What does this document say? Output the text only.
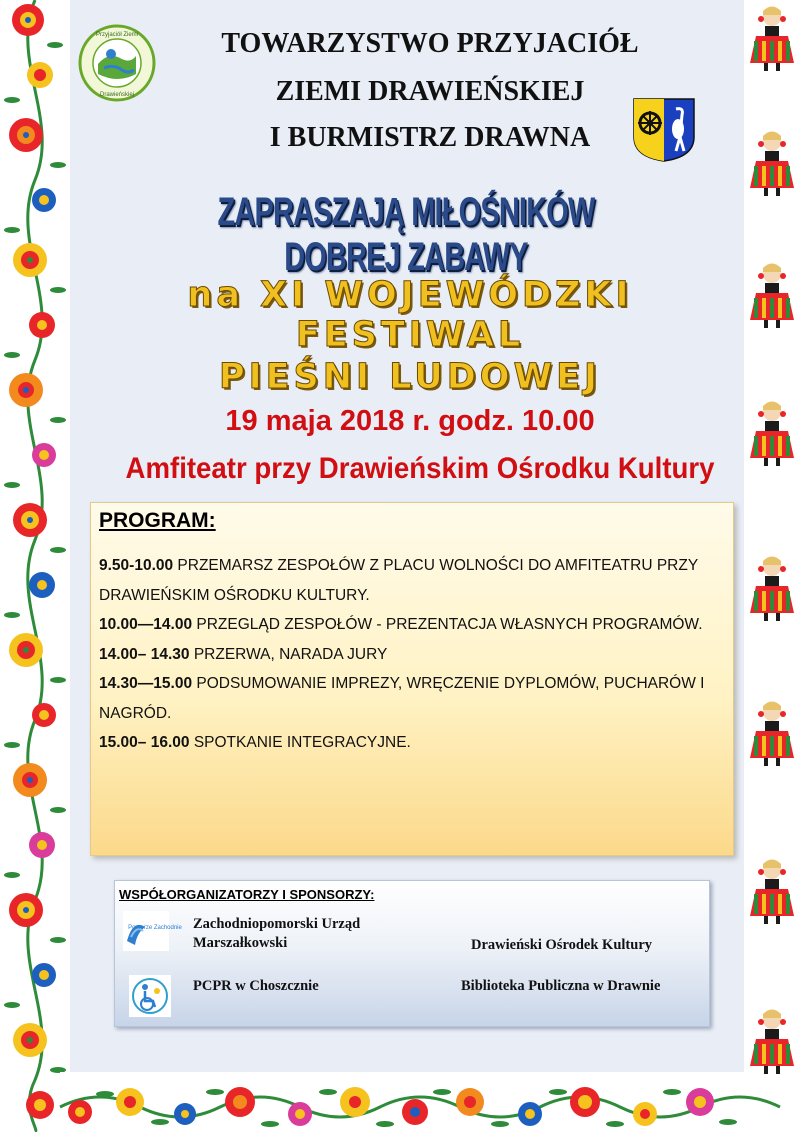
Przyjaciół Ziemi
Drawieńskiej
TOWARZYSTWO PRZYJACIÓŁ
ZIEMI DRAWIEŃSKIEJ
I BURMISTRZ DRAWNA
ZAPRASZAJĄ MIŁOŚNIKÓW DOBREJ ZABAWY
na XI WOJEWÓDZKI
FESTIWAL
PIEŚNI LUDOWEJ

19 maja 2018 r. godz. 10.00

Amfiteatr przy Drawieńskim Ośrodku Kultury

PROGRAM:

9.50-10.00 PRZEMARSZ ZESPOŁÓW Z PLACU WOLNOŚCI DO AMFITEATRU PRZY DRAWIEŃSKIM OŚRODKU KULTURY.
10.00—14.00 PRZEGLĄD ZESPOŁÓW - PREZENTACJA WŁASNYCH PROGRAMÓW.
14.00– 14.30 PRZERWA, NARADA JURY
14.30—15.00 PODSUMOWANIE IMPREZY, WRĘCZENIE DYPLOMÓW, PUCHARÓW I NAGRÓD.
15.00– 16.00 SPOTKANIE INTEGRACYJNE.

WSPÓŁORGANIZATORZY I SPONSORZY:

Pomorze Zachodnie Zachodniopomorski Urząd
Marszałkowski	Drawieński Ośrodek Kultury
PCPR w Choszcznie	Biblioteka Publiczna w Drawnie
